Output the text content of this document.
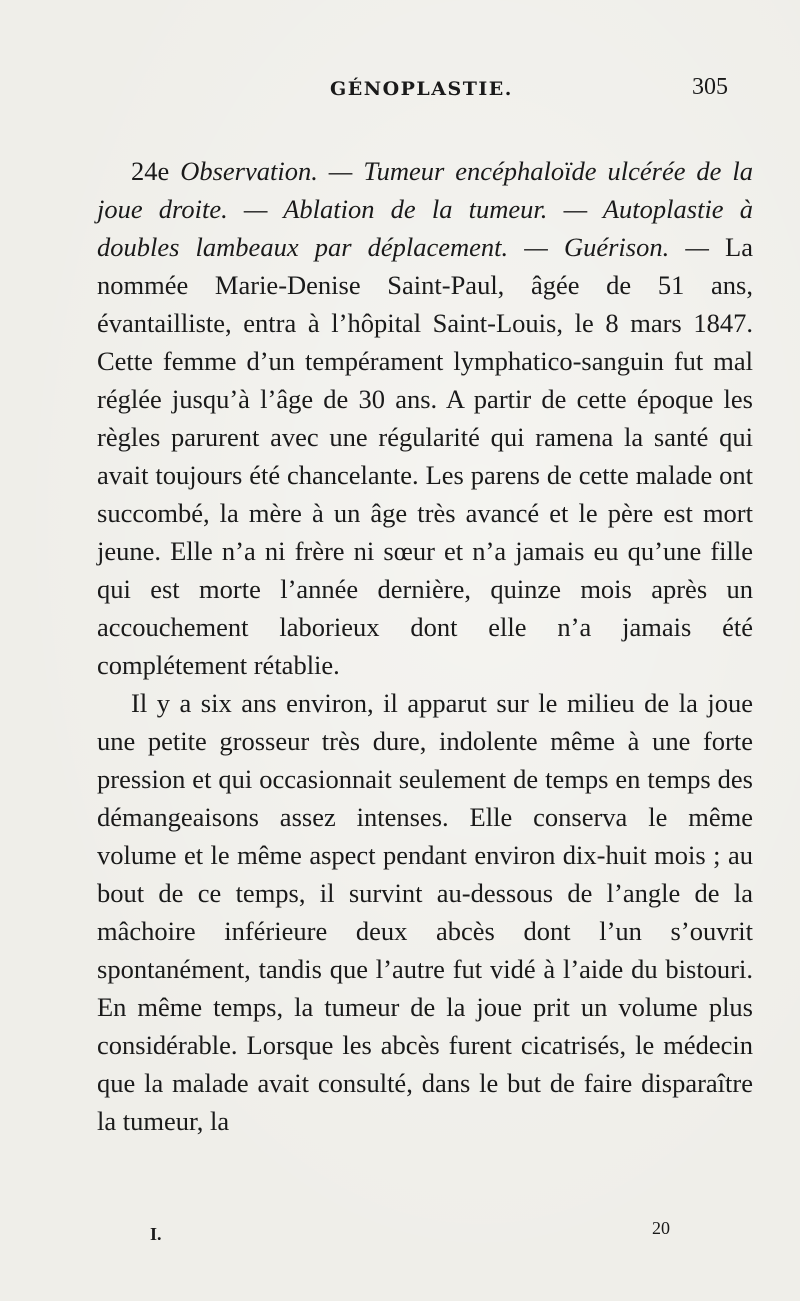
GÉNOPLASTIE.	305

24e Observation. — Tumeur encéphaloïde ulcérée de la joue droite. — Ablation de la tumeur. — Autoplastie à doubles lambeaux par déplacement. — Guérison. — La nommée Marie-Denise Saint-Paul, âgée de 51 ans, évantailliste, entra à l’hôpital Saint-Louis, le 8 mars 1847. Cette femme d’un tempérament lymphatico-sanguin fut mal réglée jusqu’à l’âge de 30 ans. A partir de cette époque les règles parurent avec une régularité qui ramena la santé qui avait toujours été chancelante. Les parens de cette malade ont succombé, la mère à un âge très avancé et le père est mort jeune. Elle n’a ni frère ni sœur et n’a jamais eu qu’une fille qui est morte l’année dernière, quinze mois après un accouchement laborieux dont elle n’a jamais été complétement rétablie.

Il y a six ans environ, il apparut sur le milieu de la joue une petite grosseur très dure, indolente même à une forte pression et qui occasionnait seulement de temps en temps des démangeaisons assez intenses. Elle conserva le même volume et le même aspect pendant environ dix-huit mois ; au bout de ce temps, il survint au-dessous de l’angle de la mâchoire inférieure deux abcès dont l’un s’ouvrit spontanément, tandis que l’autre fut vidé à l’aide du bistouri. En même temps, la tumeur de la joue prit un volume plus considérable. Lorsque les abcès furent cicatrisés, le médecin que la malade avait consulté, dans le but de faire disparaître la tumeur, la

I.	20
